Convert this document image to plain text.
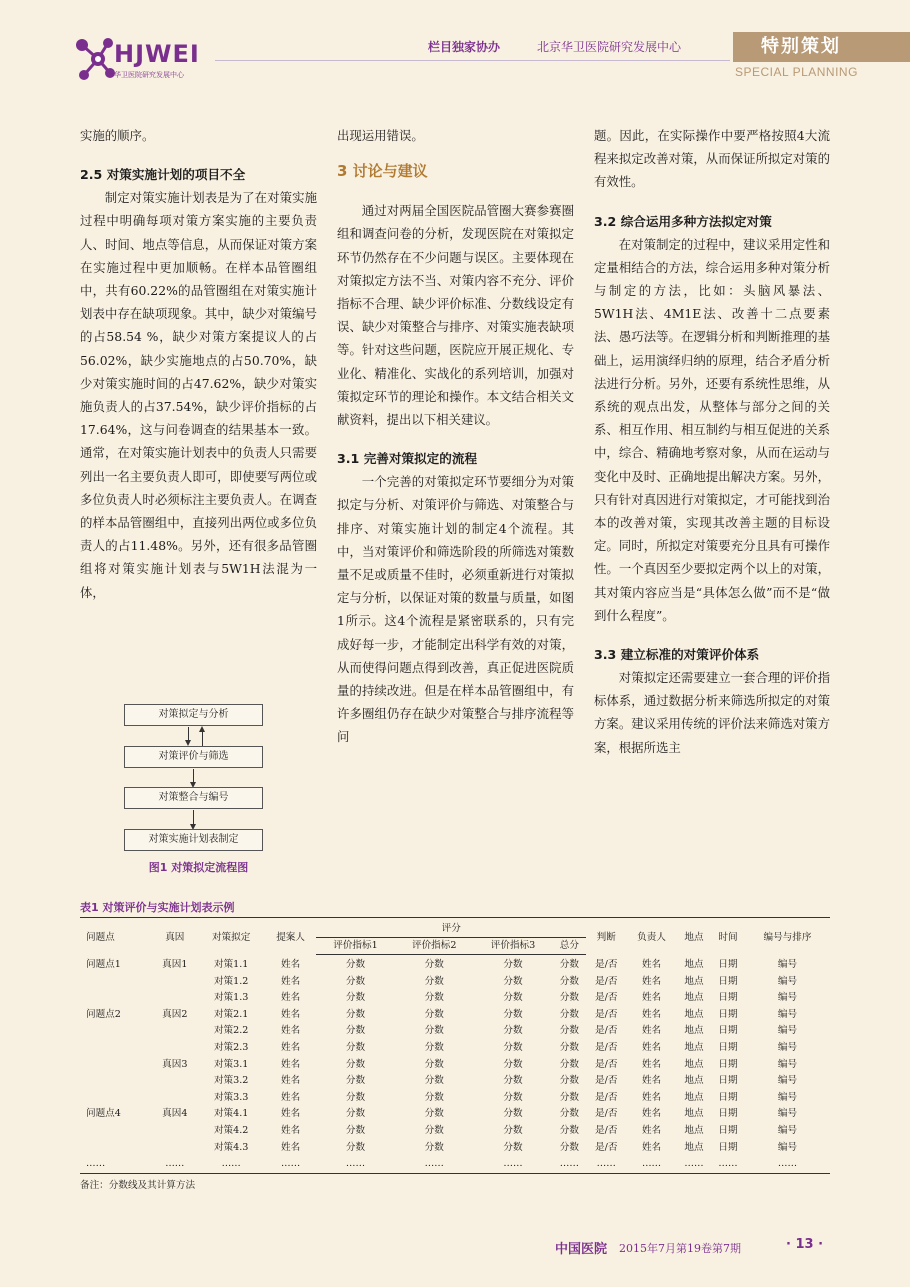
HJWEI
华卫医院研究发展中心
栏目独家协办	北京华卫医院研究发展中心	特别策划
SPECIAL PLANNING

实施的顺序。

2.5 对策实施计划的项目不全

制定对策实施计划表是为了在对策实施过程中明确每项对策方案实施的主要负责人、时间、地点等信息，从而保证对策方案在实施过程中更加顺畅。在样本品管圈组中，共有60.22%的品管圈组在对策实施计划表中存在缺项现象。其中，缺少对策编号的占58.54 %，缺少对策方案提议人的占56.02%，缺少实施地点的占50.70%，缺少对策实施时间的占47.62%，缺少对策实施负责人的占37.54%，缺少评价指标的占17.64%，这与问卷调查的结果基本一致。通常，在对策实施计划表中的负责人只需要列出一名主要负责人即可，即使要写两位或多位负责人时必须标注主要负责人。在调查的样本品管圈组中，直接列出两位或多位负责人的占11.48%。另外，还有很多品管圈组将对策实施计划表与5W1H法混为一体，

出现运用错误。

3 讨论与建议

通过对两届全国医院品管圈大赛参赛圈组和调查问卷的分析，发现医院在对策拟定环节仍然存在不少问题与误区。主要体现在对策拟定方法不当、对策内容不充分、评价指标不合理、缺少评价标准、分数线设定有误、缺少对策整合与排序、对策实施表缺项等。针对这些问题，医院应开展正规化、专业化、精准化、实战化的系列培训，加强对策拟定环节的理论和操作。本文结合相关文献资料，提出以下相关建议。

3.1 完善对策拟定的流程

一个完善的对策拟定环节要细分为对策拟定与分析、对策评价与筛选、对策整合与排序、对策实施计划的制定4个流程。其中，当对策评价和筛选阶段的所筛选对策数量不足或质量不佳时，必须重新进行对策拟定与分析，以保证对策的数量与质量，如图1所示。这4个流程是紧密联系的，只有完成好每一步，才能制定出科学有效的对策，从而使得问题点得到改善，真正促进医院质量的持续改进。但是在样本品管圈组中，有许多圈组仍存在缺少对策整合与排序流程等问

题。因此，在实际操作中要严格按照4大流程来拟定改善对策，从而保证所拟定对策的有效性。

3.2 综合运用多种方法拟定对策

在对策制定的过程中，建议采用定性和定量相结合的方法，综合运用多种对策分析与制定的方法，比如：头脑风暴法、5W1H法、4M1E法、改善十二点要素法、愚巧法等。在逻辑分析和判断推理的基础上，运用演绎归纳的原理，结合矛盾分析法进行分析。另外，还要有系统性思维，从系统的观点出发，从整体与部分之间的关系、相互作用、相互制约与相互促进的关系中，综合、精确地考察对象，从而在运动与变化中及时、正确地提出解决方案。另外，只有针对真因进行对策拟定，才可能找到治本的改善对策，实现其改善主题的目标设定。同时，所拟定对策要充分且具有可操作性。一个真因至少要拟定两个以上的对策，其对策内容应当是“具体怎么做”而不是“做到什么程度”。

3.3 建立标准的对策评价体系

对策拟定还需要建立一套合理的评价指标体系，通过数据分析来筛选所拟定的对策方案。建议采用传统的评价法来筛选对策方案，根据所选主

对策拟定与分析
对策评价与筛选
对策整合与编号
对策实施计划表制定
图1 对策拟定流程图
表1 对策评价与实施计划表示例
问题点	真因	对策拟定	提案人	评分				判断	负责人	地点	时间	编号与排序
				评价指标1	评价指标2	评价指标3	总分					
问题点1	真因1	对策1.1	姓名	分数	分数	分数	分数	是/否	姓名	地点	日期	编号
		对策1.2	姓名	分数	分数	分数	分数	是/否	姓名	地点	日期	编号
		对策1.3	姓名	分数	分数	分数	分数	是/否	姓名	地点	日期	编号
问题点2	真因2	对策2.1	姓名	分数	分数	分数	分数	是/否	姓名	地点	日期	编号
		对策2.2	姓名	分数	分数	分数	分数	是/否	姓名	地点	日期	编号
		对策2.3	姓名	分数	分数	分数	分数	是/否	姓名	地点	日期	编号
	真因3	对策3.1	姓名	分数	分数	分数	分数	是/否	姓名	地点	日期	编号
		对策3.2	姓名	分数	分数	分数	分数	是/否	姓名	地点	日期	编号
		对策3.3	姓名	分数	分数	分数	分数	是/否	姓名	地点	日期	编号
问题点4	真因4	对策4.1	姓名	分数	分数	分数	分数	是/否	姓名	地点	日期	编号
		对策4.2	姓名	分数	分数	分数	分数	是/否	姓名	地点	日期	编号
		对策4.3	姓名	分数	分数	分数	分数	是/否	姓名	地点	日期	编号
……	……	……	……	……	……	……	……	……	……	……	……	……
备注：分数线及其计算方法
中国医院 2015年7月第19卷第7期	· 13 ·
